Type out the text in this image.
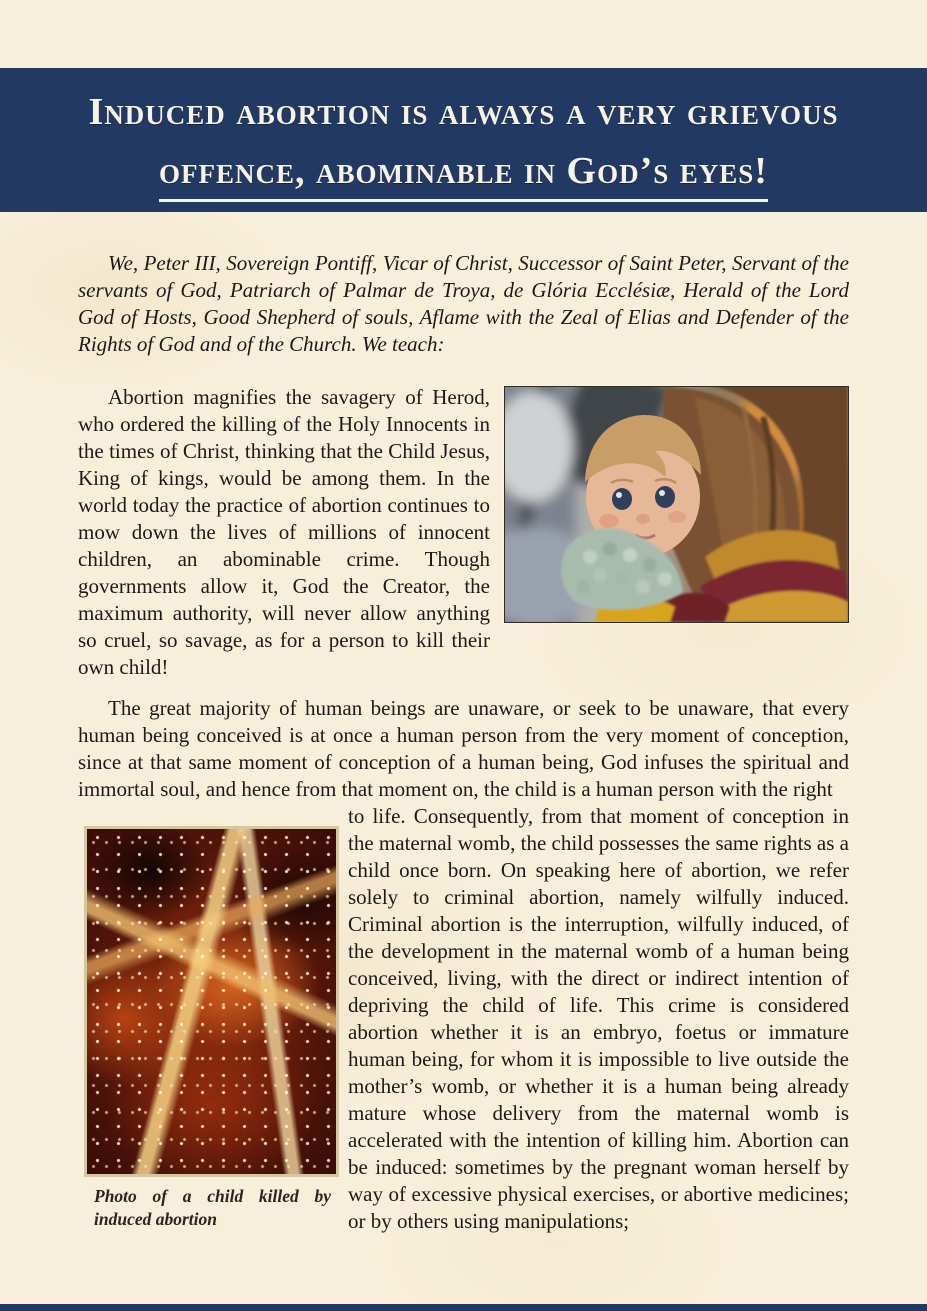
Induced abortion is always a very grievous
offence, abominable in God’s eyes!

We, Peter III, Sovereign Pontiff, Vicar of Christ, Successor of Saint Peter, Servant of the servants of God, Patriarch of Palmar de Troya, de Glória Ecclésiæ, Herald of the Lord God of Hosts, Good Shepherd of souls, Aflame with the Zeal of Elias and Defender of the Rights of God and of the Church. We teach:

Abortion magnifies the savagery of Herod, who ordered the killing of the Holy Innocents in the times of Christ, thinking that the Child Jesus, King of kings, would be among them. In the world today the practice of abortion continues to mow down the lives of millions of innocent children, an abominable crime. Though governments allow it, God the Creator, the maximum authority, will never allow anything so cruel, so savage, as for a person to kill their own child!

The great majority of human beings are unaware, or seek to be unaware, that every human being conceived is at once a human person from the very moment of conception, since at that same moment of conception of a human being, God infuses the spiritual and immortal soul, and hence from that moment on, the child is a human person with the right

Photo of a child killed by induced abortion
to life. Consequently, from that moment of conception in the maternal womb, the child possesses the same rights as a child once born. On speaking here of abortion, we refer solely to criminal abortion, namely wilfully induced. Criminal abortion is the interruption, wilfully induced, of the development in the maternal womb of a human being conceived, living, with the direct or indirect intention of depriving the child of life. This crime is considered abortion whether it is an embryo, foetus or immature human being, for whom it is impossible to live outside the mother’s womb, or whether it is a human being already mature whose delivery from the maternal womb is accelerated with the intention of killing him. Abortion can be induced: sometimes by the pregnant woman herself by way of excessive physical exercises, or abortive medicines; or by others using manipulations;
